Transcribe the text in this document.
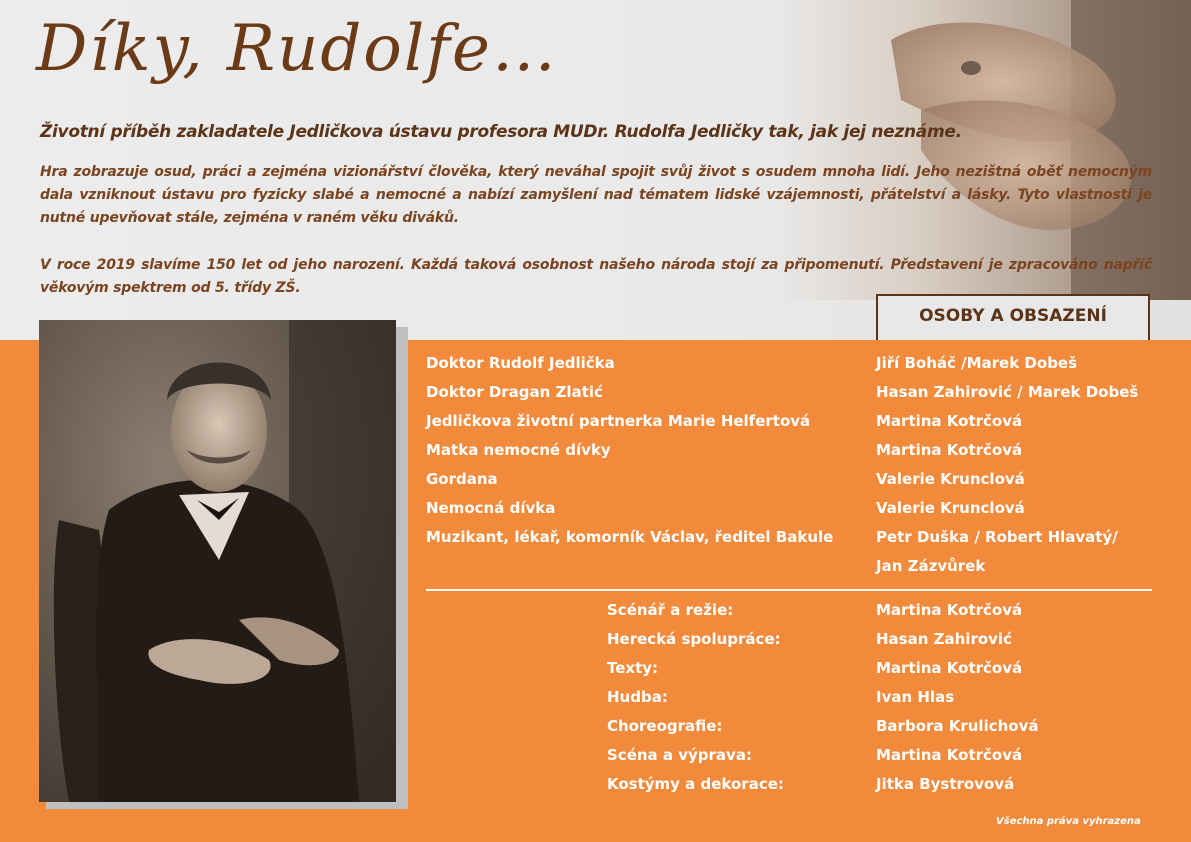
Díky, Rudolfe…

Životní příběh zakladatele Jedličkova ústavu profesora MUDr. Rudolfa Jedličky tak, jak jej neznáme.

Hra zobrazuje osud, práci a zejména vizionářství člověka, který neváhal spojit svůj život s osudem mnoha lidí. Jeho nezištná oběť nemocným dala vzniknout ústavu pro fyzicky slabé a nemocné a nabízí zamyšlení nad tématem lidské vzájemnosti, přátelství a lásky. Tyto vlastnosti je nutné upevňovat stále, zejména v raném věku diváků.

V roce 2019 slavíme 150 let od jeho narození. Každá taková osobnost našeho národa stojí za připomenutí. Představení je zpracováno napříč věkovým spektrem od 5. třídy ZŠ.

OSOBY A OBSAZENÍ
Doktor Rudolf Jedlička	Jiří Boháč /Marek Dobeš
Doktor Dragan Zlatić	Hasan Zahirović / Marek Dobeš
Jedličkova životní partnerka Marie Helfertová	Martina Kotrčová
Matka nemocné dívky	Martina Kotrčová
Gordana	Valerie Krunclová
Nemocná dívka	Valerie Krunclová
Muzikant, lékař, komorník Václav, ředitel Bakule	Petr Duška / Robert Hlavatý/
Jan Zázvůrek
Scénář a režie:	Martina Kotrčová
Herecká spolupráce:	Hasan Zahirović
Texty:	Martina Kotrčová
Hudba:	Ivan Hlas
Choreografie:	Barbora Krulichová
Scéna a výprava:	Martina Kotrčová
Kostýmy a dekorace:	Jitka Bystrovová
Všechna práva vyhrazena
